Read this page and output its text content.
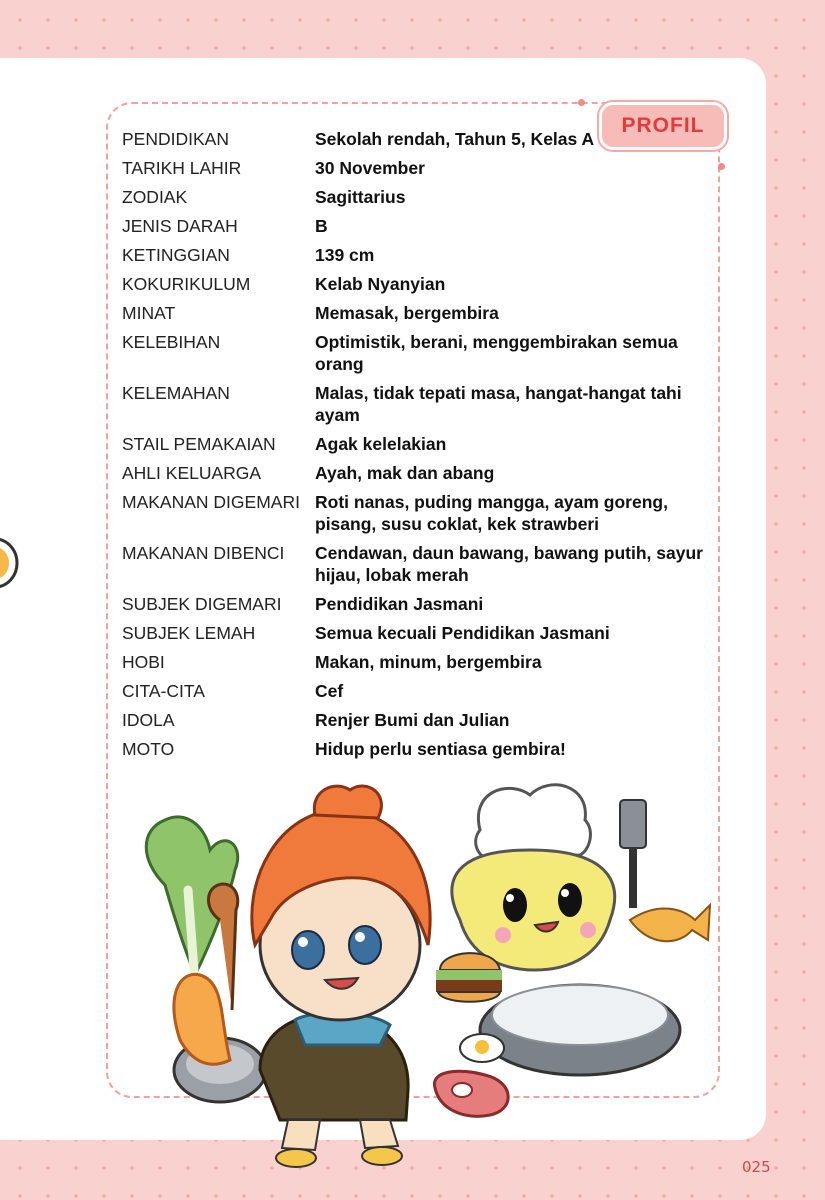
PROFIL
PENDIDIKAN	Sekolah rendah, Tahun 5, Kelas A
TARIKH LAHIR	30 November
ZODIAK	Sagittarius
JENIS DARAH	B
KETINGGIAN	139 cm
KOKURIKULUM	Kelab Nyanyian
MINAT	Memasak, bergembira
KELEBIHAN	Optimistik, berani, menggembirakan semua orang
KELEMAHAN	Malas, tidak tepati masa, hangat-hangat tahi ayam
STAIL PEMAKAIAN	Agak kelelakian
AHLI KELUARGA	Ayah, mak dan abang
MAKANAN DIGEMARI Roti nanas, puding mangga, ayam goreng, pisang, susu coklat, kek strawberi
MAKANAN DIBENCI	Cendawan, daun bawang, bawang putih, sayur hijau, lobak merah
SUBJEK DIGEMARI	Pendidikan Jasmani
SUBJEK LEMAH	Semua kecuali Pendidikan Jasmani
HOBI	Makan, minum, bergembira
CITA-CITA	Cef
IDOLA	Renjer Bumi dan Julian
MOTO	Hidup perlu sentiasa gembira!
025
